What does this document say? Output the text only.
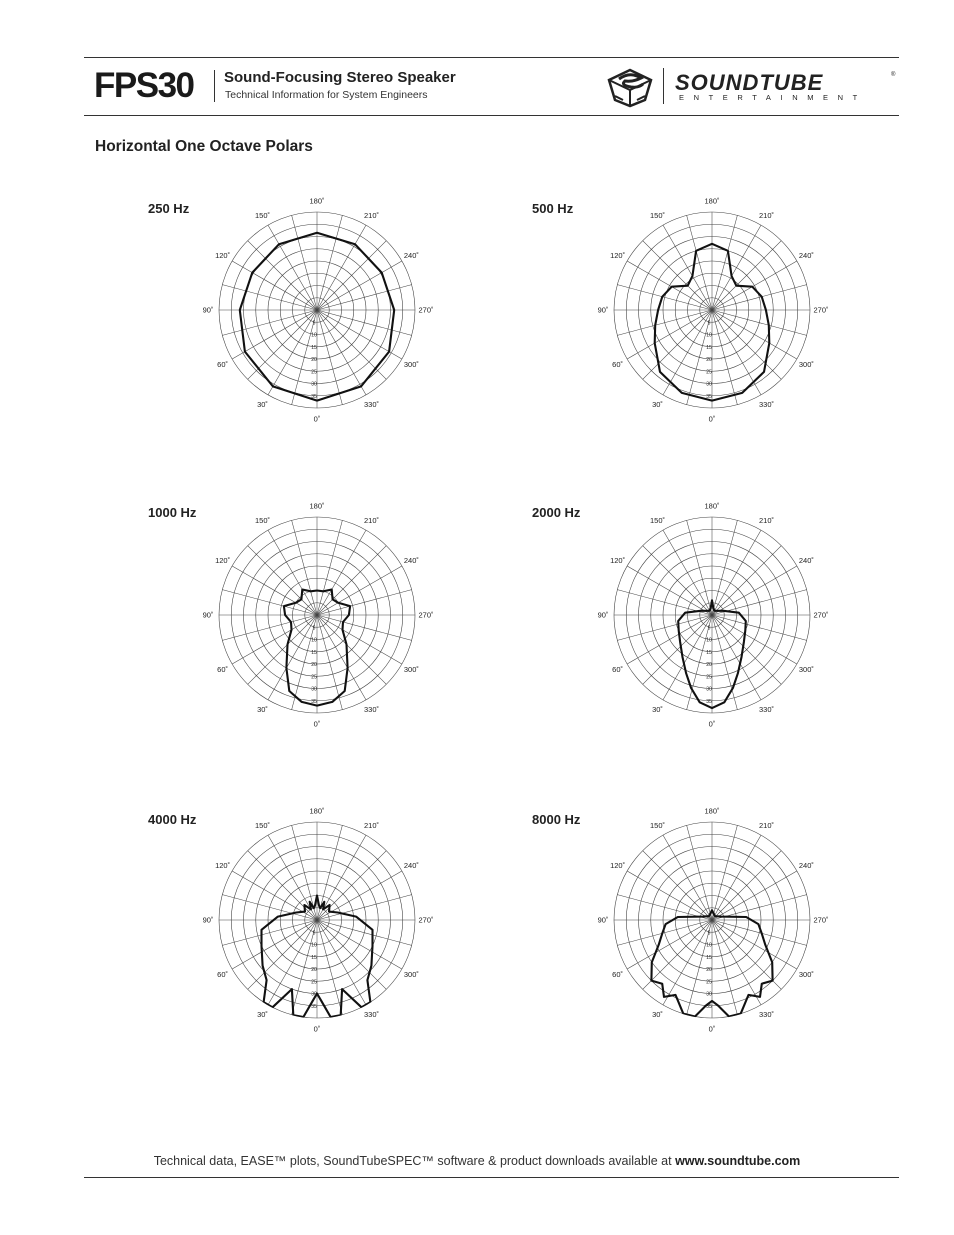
FPS30 Sound-Focusing Stereo Speaker
Technical Information for System Engineers	SOUNDTUBE	®
ENTERTAINMENT
Horizontal One Octave Polars
250 Hz	500 Hz
1000 Hz	2000 Hz
4000 Hz	8000 Hz
0˚
30˚
60˚
90˚
120˚
150˚
180˚
210˚
240˚
270˚
300˚
330˚
5
10
15
20
25
30
35
0˚
30˚
60˚
90˚
120˚
150˚
180˚
210˚
240˚
270˚
300˚
330˚
5
10
15
20
25
30
35
0˚
30˚
60˚
90˚
120˚
150˚
180˚
210˚
240˚
270˚
300˚
330˚
5
10
15
20
25
30
35
0˚
30˚
60˚
90˚
120˚
150˚
180˚
210˚
240˚
270˚
300˚
330˚
5
10
15
20
25
30
35
0˚
30˚
60˚
90˚
120˚
150˚
180˚
210˚
240˚
270˚
300˚
330˚
5
10
15
20
25
30
35
0˚
30˚
60˚
90˚
120˚
150˚
180˚
210˚
240˚
270˚
300˚
330˚
5
10
15
20
25
30
35
Technical data, EASE™ plots, SoundTubeSPEC™ software & product downloads available at www.soundtube.com
